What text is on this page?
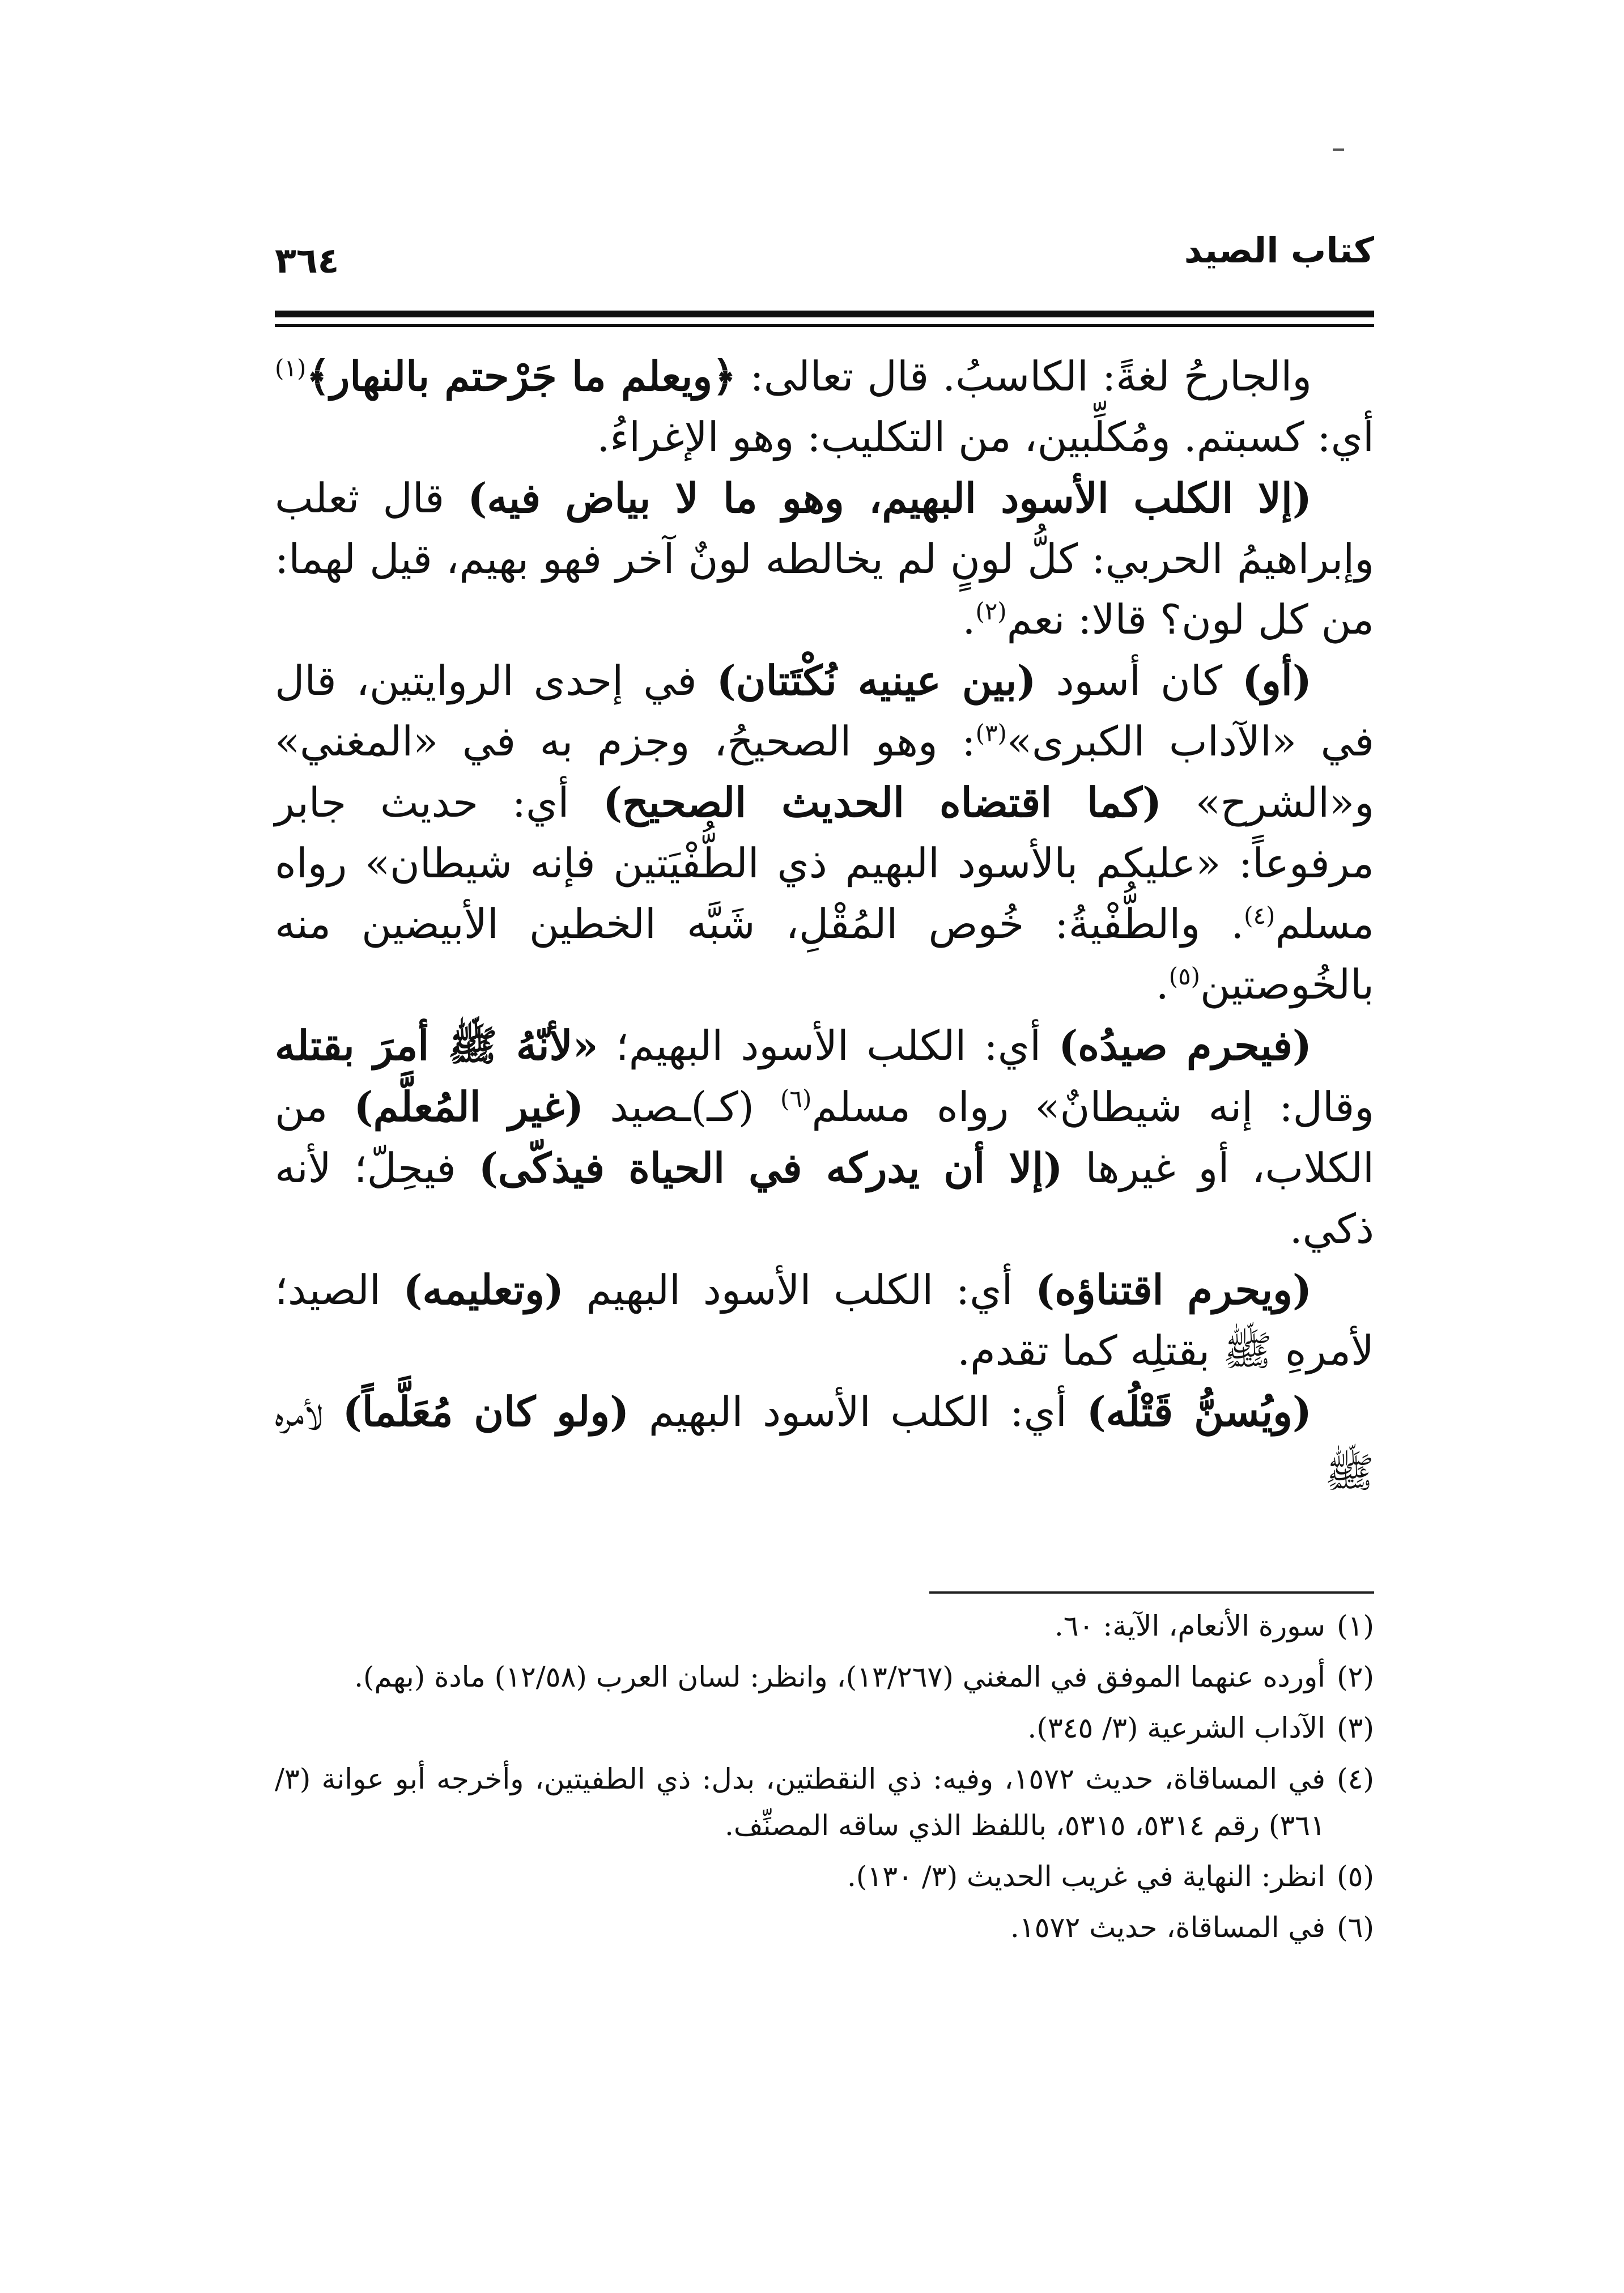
كتاب الصيد
٣٦٤

والجارحُ لغةً: الكاسبُ. قال تعالى: ﴿ويعلم ما جَرْحتم بالنهار﴾$^{(١)}$ أي: كسبتم. ومُكلِّبين، من التكليب: وهو الإغراءُ.

(إلا الكلب الأسود البهيم، وهو ما لا بياض فيه) قال ثعلب وإبراهيمُ الحربي: كلُّ لونٍ لم يخالطه لونٌ آخر فهو بهيم، قيل لهما: من كل لون؟ قالا: نعم$^{(٢)}$.

(أو) كان أسود (بين عينيه نُكْتَتان) في إحدى الروايتين، قال في «الآداب الكبرى»$^{(٣)}$: وهو الصحيحُ، وجزم به في «المغني» و«الشرح» (كما اقتضاه الحديث الصحيح) أي: حديث جابر مرفوعاً: «عليكم بالأسود البهيم ذي الطُّفْيَتين فإنه شيطان» رواه مسلم$^{(٤)}$. والطُّفْيةُ: خُوص المُقْلِ، شَبَّه الخطين الأبيضين منه بالخُوصتين$^{(٥)}$.

(فيحرم صيدُه) أي: الكلب الأسود البهيم؛ «لأنّهُ ﷺ أمرَ بقتله وقال: إنه شيطانٌ» رواه مسلم$^{(٦)}$ (كـ)ـصيد (غير المُعلَّم) من الكلاب، أو غيرها (إلا أن يدركه في الحياة فيذكّى) فيحِلّ؛ لأنه ذكي.

(ويحرم اقتناؤه) أي: الكلب الأسود البهيم (وتعليمه) الصيد؛ لأمرهِ ﷺ بقتلِه كما تقدم.

(ويُسنُّ قَتْلُه) أي: الكلب الأسود البهيم (ولو كان مُعَلَّماً) لأمره ﷺ

(١)
سورة الأنعام، الآية: ٦٠.
(٢)
أورده عنهما الموفق في المغني (١٣/٢٦٧)، وانظر: لسان العرب (١٢/٥٨) مادة (بهم).
(٣)
الآداب الشرعية (٣/ ٣٤٥).
(٤)
في المساقاة، حديث ١٥٧٢، وفيه: ذي النقطتين، بدل: ذي الطفيتين، وأخرجه أبو عوانة (٣/ ٣٦١) رقم ٥٣١٤، ٥٣١٥، باللفظ الذي ساقه المصنِّف.
(٥)
انظر: النهاية في غريب الحديث (٣/ ١٣٠).
(٦)
في المساقاة، حديث ١٥٧٢.
